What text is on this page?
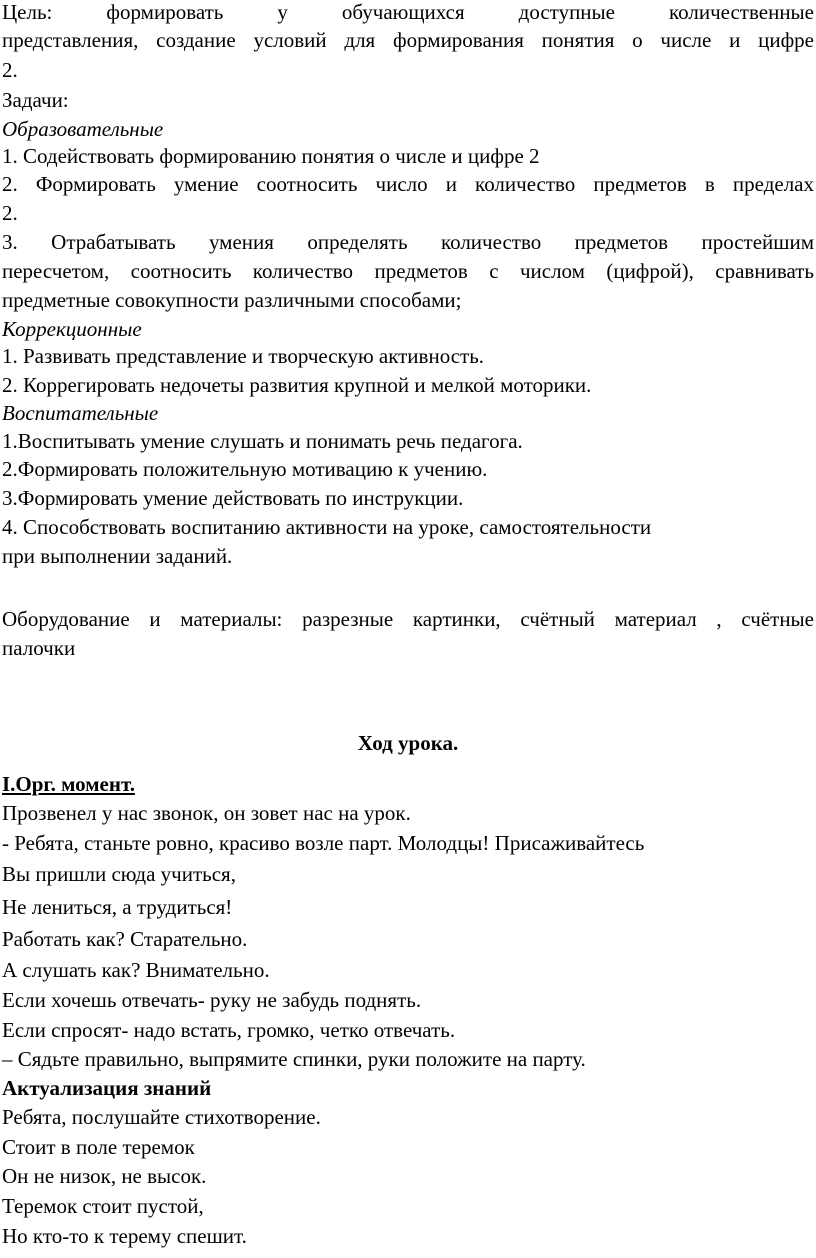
Цель: формировать у обучающихся доступные количественные
представления, создание условий для формирования понятия о числе и цифре
2.
Задачи:
Образовательные
1. Содействовать формированию понятия о числе и цифре 2
2. Формировать умение соотносить число и количество предметов в пределах
2.
3. Отрабатывать умения определять количество предметов простейшим
пересчетом, соотносить количество предметов с числом (цифрой), сравнивать
предметные совокупности различными способами;
Коррекционные
1. Развивать представление и творческую активность.
2. Коррегировать недочеты развития крупной и мелкой моторики.
Воспитательные
1.Воспитывать умение слушать и понимать речь педагога.
2.Формировать положительную мотивацию к учению.
3.Формировать умение действовать по инструкции.
4. Способствовать воспитанию активности на уроке, самостоятельности
при выполнении заданий.
Оборудование и материалы: разрезные картинки, счётный материал , счётные
палочки
Ход урока.
I.Орг. момент.
Прозвенел у нас звонок, он зовет нас на урок.
- Ребята, станьте ровно, красиво возле парт. Молодцы! Присаживайтесь
Вы пришли сюда учиться,
Не лениться, а трудиться!
Работать как? Старательно.
А слушать как? Внимательно.
Если хочешь отвечать- руку не забудь поднять.
Если спросят- надо встать, громко, четко отвечать.
– Сядьте правильно, выпрямите спинки, руки положите на парту.
Актуализация знаний
Ребята, послушайте стихотворение.
Стоит в поле теремок
Он не низок, не высок.
Теремок стоит пустой,
Но кто-то к терему спешит.
